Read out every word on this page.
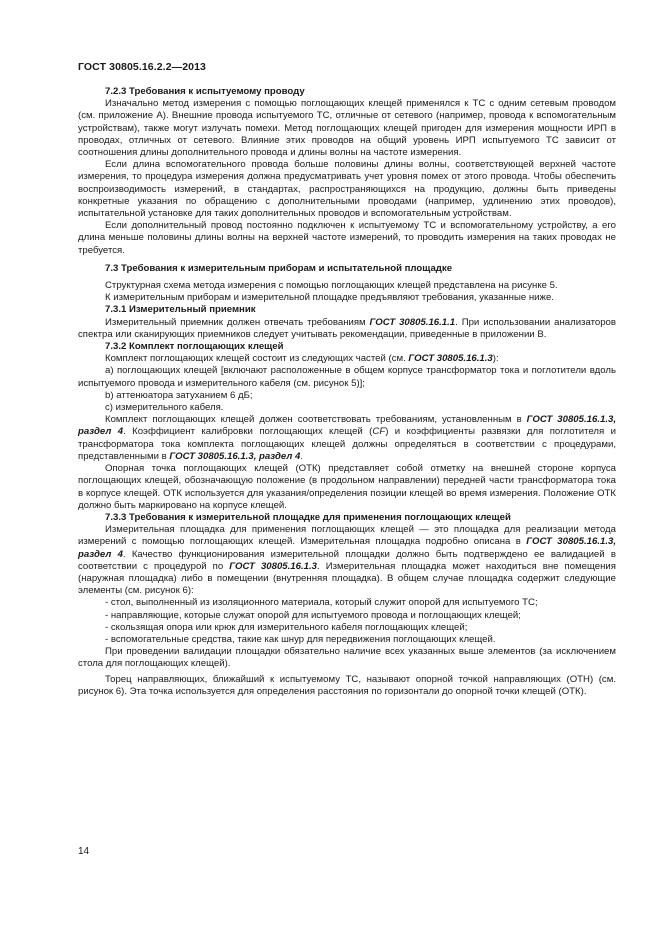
ГОСТ 30805.16.2.2—2013

7.2.3 Требования к испытуемому проводу

Изначально метод измерения с помощью поглощающих клещей применялся к ТС с одним сетевым проводом (см. приложение А). Внешние провода испытуемого ТС, отличные от сетевого (например, провода к вспомогательным устройствам), также могут излучать помехи. Метод поглощающих клещей пригоден для измерения мощности ИРП в проводах, отличных от сетевого. Влияние этих проводов на общий уровень ИРП испытуемого ТС зависит от соотношения длины дополнительного провода и длины волны на частоте измерения.

Если длина вспомогательного провода больше половины длины волны, соответствующей верхней частоте измерения, то процедура измерения должна предусматривать учет уровня помех от этого провода. Чтобы обеспечить воспроизводимость измерений, в стандартах, распространяющихся на продукцию, должны быть приведены конкретные указания по обращению с дополнительными проводами (например, удлинению этих проводов), испытательной установке для таких дополнительных проводов и вспомогательным устройствам.

Если дополнительный провод постоянно подключен к испытуемому ТС и вспомогательному устройству, а его длина меньше половины длины волны на верхней частоте измерений, то проводить измерения на таких проводах не требуется.

7.3 Требования к измерительным приборам и испытательной площадке

Структурная схема метода измерения с помощью поглощающих клещей представлена на рисунке 5.

К измерительным приборам и измерительной площадке предъявляют требования, указанные ниже.

7.3.1 Измерительный приемник

Измерительный приемник должен отвечать требованиям ГОСТ 30805.16.1.1. При использовании анализаторов спектра или сканирующих приемников следует учитывать рекомендации, приведенные в приложении В.

7.3.2 Комплект поглощающих клещей

Комплект поглощающих клещей состоит из следующих частей (см. ГОСТ 30805.16.1.3):

а) поглощающих клещей [включают расположенные в общем корпусе трансформатор тока и поглотители вдоль испытуемого провода и измерительного кабеля (см. рисунок 5)];

b) аттенюатора затуханием 6 дБ;

с) измерительного кабеля.

Комплект поглощающих клещей должен соответствовать требованиям, установленным в ГОСТ 30805.16.1.3, раздел 4. Коэффициент калибровки поглощающих клещей (CF) и коэффициенты развязки для поглотителя и трансформатора тока комплекта поглощающих клещей должны определяться в соответствии с процедурами, представленными в ГОСТ 30805.16.1.3, раздел 4.

Опорная точка поглощающих клещей (ОТК) представляет собой отметку на внешней стороне корпуса поглощающих клещей, обозначающую положение (в продольном направлении) передней части трансформатора тока в корпусе клещей. ОТК используется для указания/определения позиции клещей во время измерения. Положение ОТК должно быть маркировано на корпусе клещей.

7.3.3 Требования к измерительной площадке для применения поглощающих клещей

Измерительная площадка для применения поглощающих клещей — это площадка для реализации метода измерений с помощью поглощающих клещей. Измерительная площадка подробно описана в ГОСТ 30805.16.1.3, раздел 4. Качество функционирования измерительной площадки должно быть подтверждено ее валидацией в соответствии с процедурой по ГОСТ 30805.16.1.3. Измерительная площадка может находиться вне помещения (наружная площадка) либо в помещении (внутренняя площадка). В общем случае площадка содержит следующие элементы (см. рисунок 6):

- стол, выполненный из изоляционного материала, который служит опорой для испытуемого ТС;

- направляющие, которые служат опорой для испытуемого провода и поглощающих клещей;

- скользящая опора или крюк для измерительного кабеля поглощающих клещей;

- вспомогательные средства, такие как шнур для передвижения поглощающих клещей.

При проведении валидации площадки обязательно наличие всех указанных выше элементов (за исключением стола для поглощающих клещей).

Торец направляющих, ближайший к испытуемому ТС, называют опорной точкой направляющих (ОТН) (см. рисунок 6). Эта точка используется для определения расстояния по горизонтали до опорной точки клещей (ОТК).

14
